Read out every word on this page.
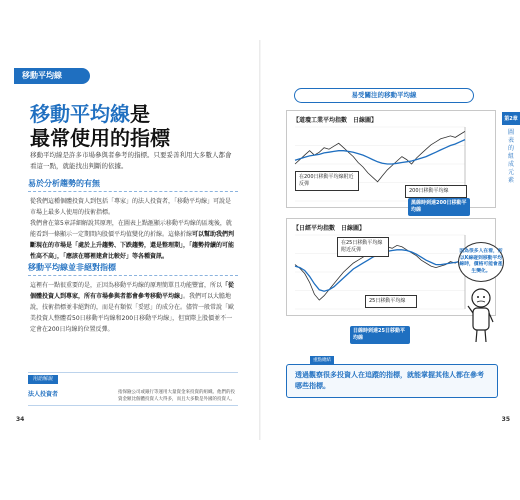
移動平均線
移動平均線是
最常使用的指標
移動平均線是許多市場參與者參考的指標。只要妥善利用大多數人都會看這一點，就能找出判斷的依據。
易於分析趨勢的有無
從我們這種個體投資人到包括「專家」的法人投資者，「移動平均線」可說是市場上最多人使用的技術指標。
我們會在第5章詳細解說其原理，在圖表上點滙顯示移動平均線的區塊後，就能看到一條顯示一定期間內股價平均值變化的折線。這條折線可以幫助我們判斷現在的市場是「處於上升趨勢、下跌趨勢，還是整理期」，「趨勢持續的可能性高不高」，「應該在哪裡建倉比較好」等各種資訊。
移動平均線並非絕對指標
這裡有一點很重要的是，正因為移動平均線的原理簡單且功能豐富，所以「從個體投資人到專家，所有市場參與者都會參考移動平均線」。我們可以大膽地說，技術指標並非絕對的，而是有類似「妥慰」的成分在。儘管一般常說「歐美投資人整體看50日移動平均線和200日移動平均線」，但實際上股價並不一定會在200日均線的位置反彈。
用語解說
法人投資者	指保險公司或銀行等運用大量資金來投資的組織。他們的投資金額比個體投資人大得多，而且大多數是外國的投資人。
34
第2章
圖表的組成元素
易受關注的移動平均線
【道瓊工業平均指數　日線圖】
在200日移動平均線附近反彈
200日移動平均線
黑線時到達200日移動平均線
【日經平均指數　日線圖】
在25日移動平均線附近反彈
25日移動平均線
日線時到達25日移動平均線
因為很多人在看，所以K線碰到移動平均線時，價格可能會產生變化。
重點總結
透過觀察很多投資人在追蹤的指標，就能掌握其他人都在參考哪些指標。
35
